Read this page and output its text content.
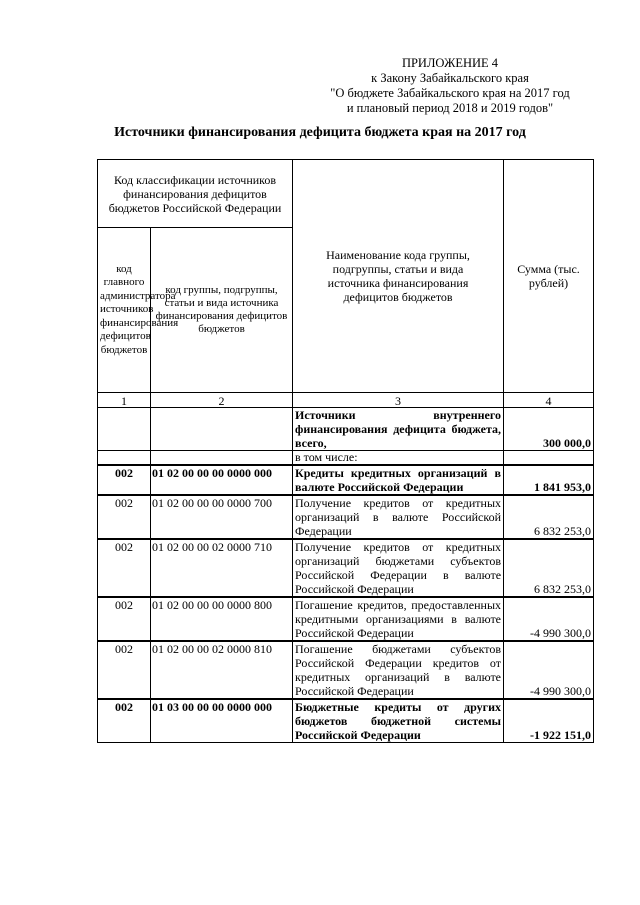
ПРИЛОЖЕНИЕ 4
к Закону Забайкальского края
"О бюджете Забайкальского края на 2017 год
и плановый период 2018 и 2019 годов"
Источники финансирования дефицита бюджета края на 2017 год
Код классификации источников финансирования дефицитов бюджетов Российской Федерации		Наименование кода группы, подгруппы, статьи и вида источника финансирования дефицитов бюджетов	Сумма (тыс. рублей)
код главного администратора источников финансирования дефицитов бюджетов	код группы, подгруппы, статьи и вида источника финансирования дефицитов бюджетов		
1	2	3	4
		Источники внутреннего финансирования дефицита бюджета, всего,	300 000,0
		в том числе:	
002	01 02 00 00 00 0000 000	Кредиты кредитных организаций в валюте Российской Федерации	1 841 953,0
002	01 02 00 00 00 0000 700	Получение кредитов от кредитных организаций в валюте Российской Федерации	6 832 253,0
002	01 02 00 00 02 0000 710	Получение кредитов от кредитных организаций бюджетами субъектов Российской Федерации в валюте Российской Федерации	6 832 253,0
002	01 02 00 00 00 0000 800	Погашение кредитов, предоставленных кредитными организациями в валюте Российской Федерации	-4 990 300,0
002	01 02 00 00 02 0000 810	Погашение бюджетами субъектов Российской Федерации кредитов от кредитных организаций в валюте Российской Федерации	-4 990 300,0
002	01 03 00 00 00 0000 000	Бюджетные кредиты от других бюджетов бюджетной системы Российской Федерации	-1 922 151,0
